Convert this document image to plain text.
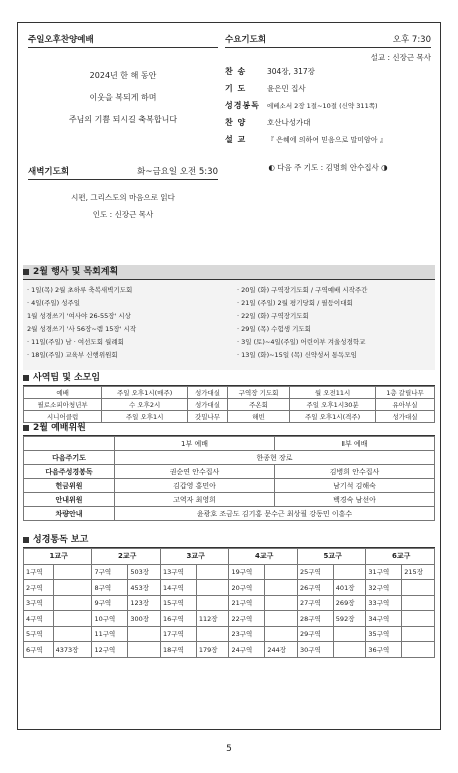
주일오후찬양예배
2024년 한 해 동안
이웃을 복되게 하며
주님의 기쁨 되시길 축복합니다
새벽기도회	화~금요일 오전 5:30
시편, 그리스도의 마음으로 읽다
인도 : 신장근 목사
수요기도회	오후 7:30
설교 : 신장근 목사
찬 송	304장, 317장
기 도	윤은민 집사
성경봉독 에베소서 2장 1절~10절 (신약 311쪽)
찬 양	호산나성가대
설 교	『 은혜에 의하여 믿음으로 말미암아 』
◐ 다음 주 기도 : 김명희 안수집사 ◑
2월 행사 및 목회계획
· 1일(목) 2월 초하루 축복새벽기도회
· 4일(주일) 성주일
1월 성경쓰기 '여사야 26-55장' 시상
2월 성경쓰기 '사 56장~렘 15장' 시작
· 11일(주일) 남 · 여선도회 월례회
· 18일(주일) 교육부 신행위원회
· 20일 (화) 구역장기도회 / 구역예배 시작주간
· 21일 (주일) 2월 평기당회 / 필등이대회
· 22일 (화) 구역장기도회
· 29일 (목) 수험생 기도회
· 3일 (토)~4일(주일) 어린이부 겨울성경학교
· 13일 (화)~15일 (목) 신약성서 통독모임
사역팀 및 소모임
예배	주일 오후1시(매주)	성가대실	구역장 기도회	월 오전11시	1층 갈릴나무
필로소피아청년부	수 오후2시	성가대실	주온회	주일 오후1시30분	유아부실
시니어클럽	주일 오후1시	갓밀나무	해빈	주일 오후1시(격주)	성가대실
2월 예배위원
	1부 예배	Ⅱ부 예배
다음주기도	한종현 장로	
다음주성경봉독	권순연 안수집사	김병희 안수집사
헌금위원	김갑영 홍민아	남기석 김해숙
안내위원	고역자 최영희	백경숙 남선아
차량안내	윤광호 조금도 김기홍 문수근 최상필 강동민 이흥수	
성경통독 보고
1교구		2교구		3교구		4교구		5교구		6교구	
1구역		7구역	503장	13구역		19구역		25구역		31구역	215장
2구역		8구역	453장	14구역		20구역		26구역	401장	32구역	
3구역		9구역	123장	15구역		21구역		27구역	269장	33구역	
4구역		10구역	300장	16구역	112장	22구역		28구역	592장	34구역	
5구역		11구역		17구역		23구역		29구역		35구역	
6구역	4373장	12구역		18구역	179장	24구역	244장	30구역		36구역	
5
